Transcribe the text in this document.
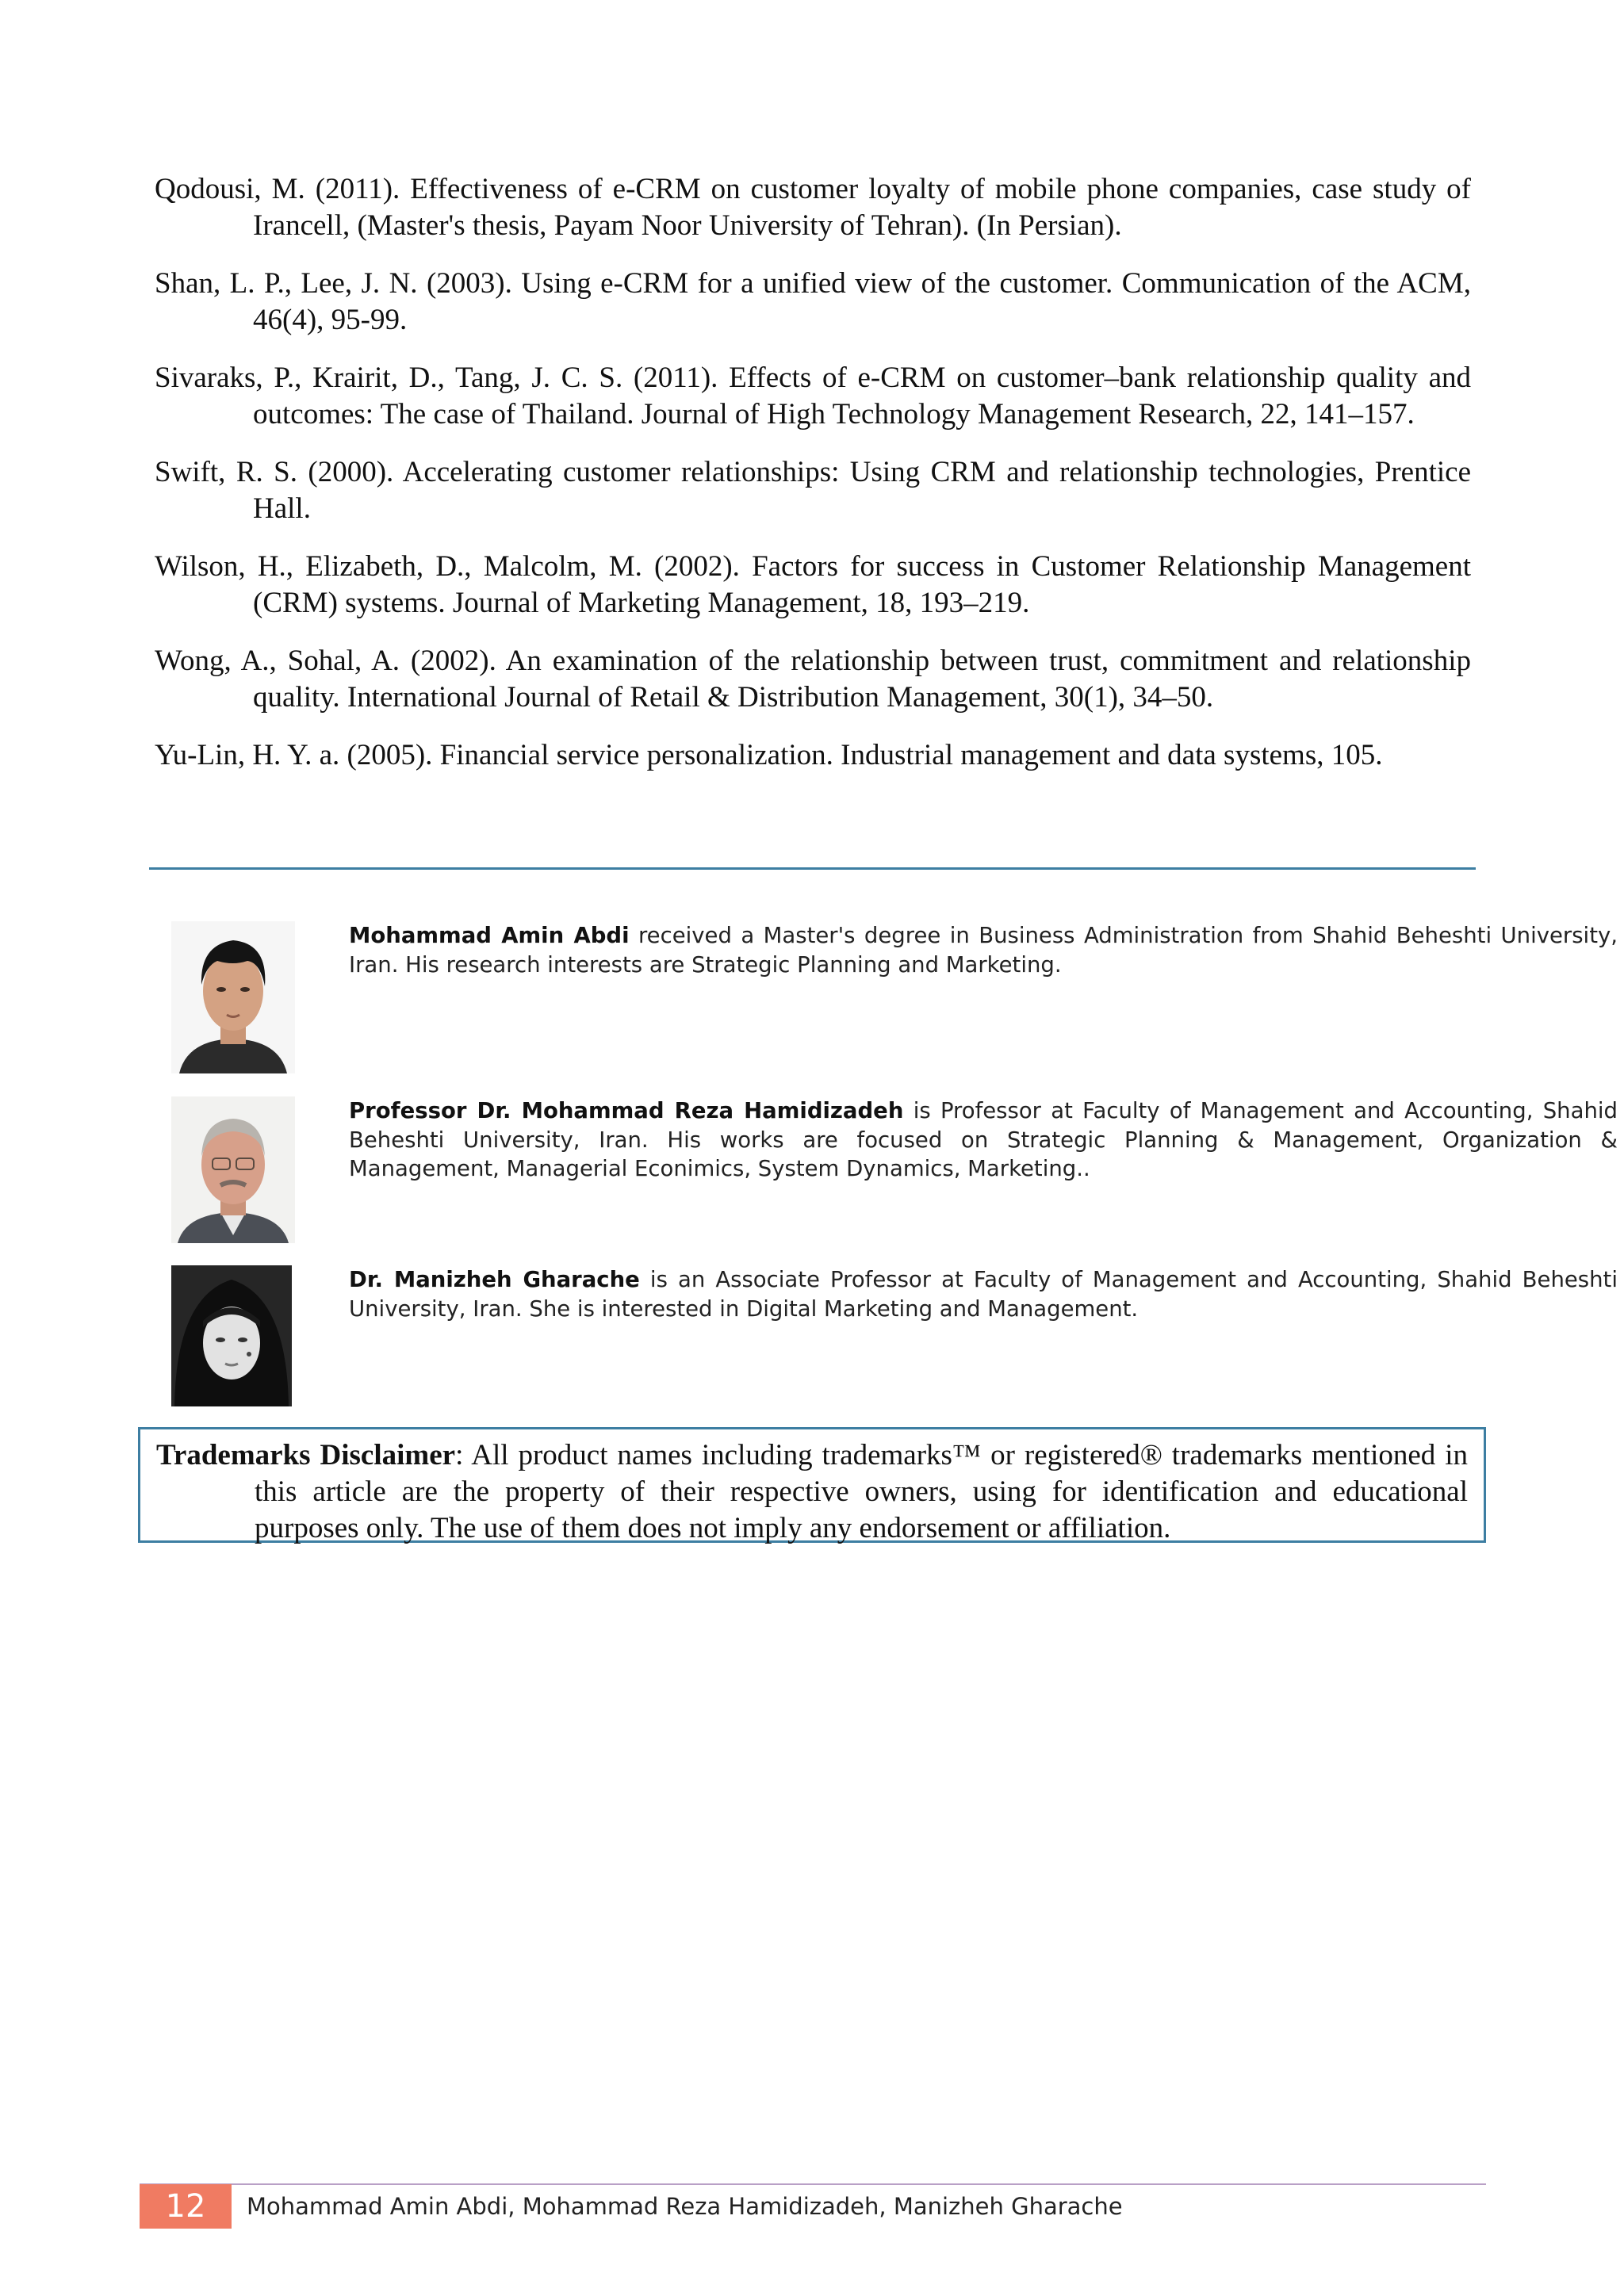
Qodousi, M. (2011). Effectiveness of e-CRM on customer loyalty of mobile phone companies, case study of Irancell, (Master's thesis, Payam Noor University of Tehran). (In Persian).

Shan, L. P., Lee, J. N. (2003). Using e-CRM for a unified view of the customer. Communication of the ACM, 46(4), 95-99.

Sivaraks, P., Krairit, D., Tang, J. C. S. (2011). Effects of e-CRM on customer–bank relationship quality and outcomes: The case of Thailand. Journal of High Technology Management Research, 22, 141–157.

Swift, R. S. (2000). Accelerating customer relationships: Using CRM and relationship technologies, Prentice Hall.

Wilson, H., Elizabeth, D., Malcolm, M. (2002). Factors for success in Customer Relationship Management (CRM) systems. Journal of Marketing Management, 18, 193–219.

Wong, A., Sohal, A. (2002). An examination of the relationship between trust, commitment and relationship quality. International Journal of Retail & Distribution Management, 30(1), 34–50.

Yu-Lin, H. Y. a. (2005). Financial service personalization. Industrial management and data systems, 105.

Mohammad Amin Abdi received a Master's degree in Business Administration from Shahid Beheshti University, Iran. His research interests are Strategic Planning and Marketing.
Professor Dr. Mohammad Reza Hamidizadeh is Professor at Faculty of Management and Accounting, Shahid Beheshti University, Iran. His works are focused on Strategic Planning & Management, Organization & Management, Managerial Econimics, System Dynamics, Marketing..
Dr. Manizheh Gharache is an Associate Professor at Faculty of Management and Accounting, Shahid Beheshti University, Iran. She is interested in Digital Marketing and Management.
Trademarks Disclaimer: All product names including trademarks™ or registered® trademarks mentioned in this article are the property of their respective owners, using for identification and educational purposes only. The use of them does not imply any endorsement or affiliation.
12	Mohammad Amin Abdi, Mohammad Reza Hamidizadeh, Manizheh Gharache
